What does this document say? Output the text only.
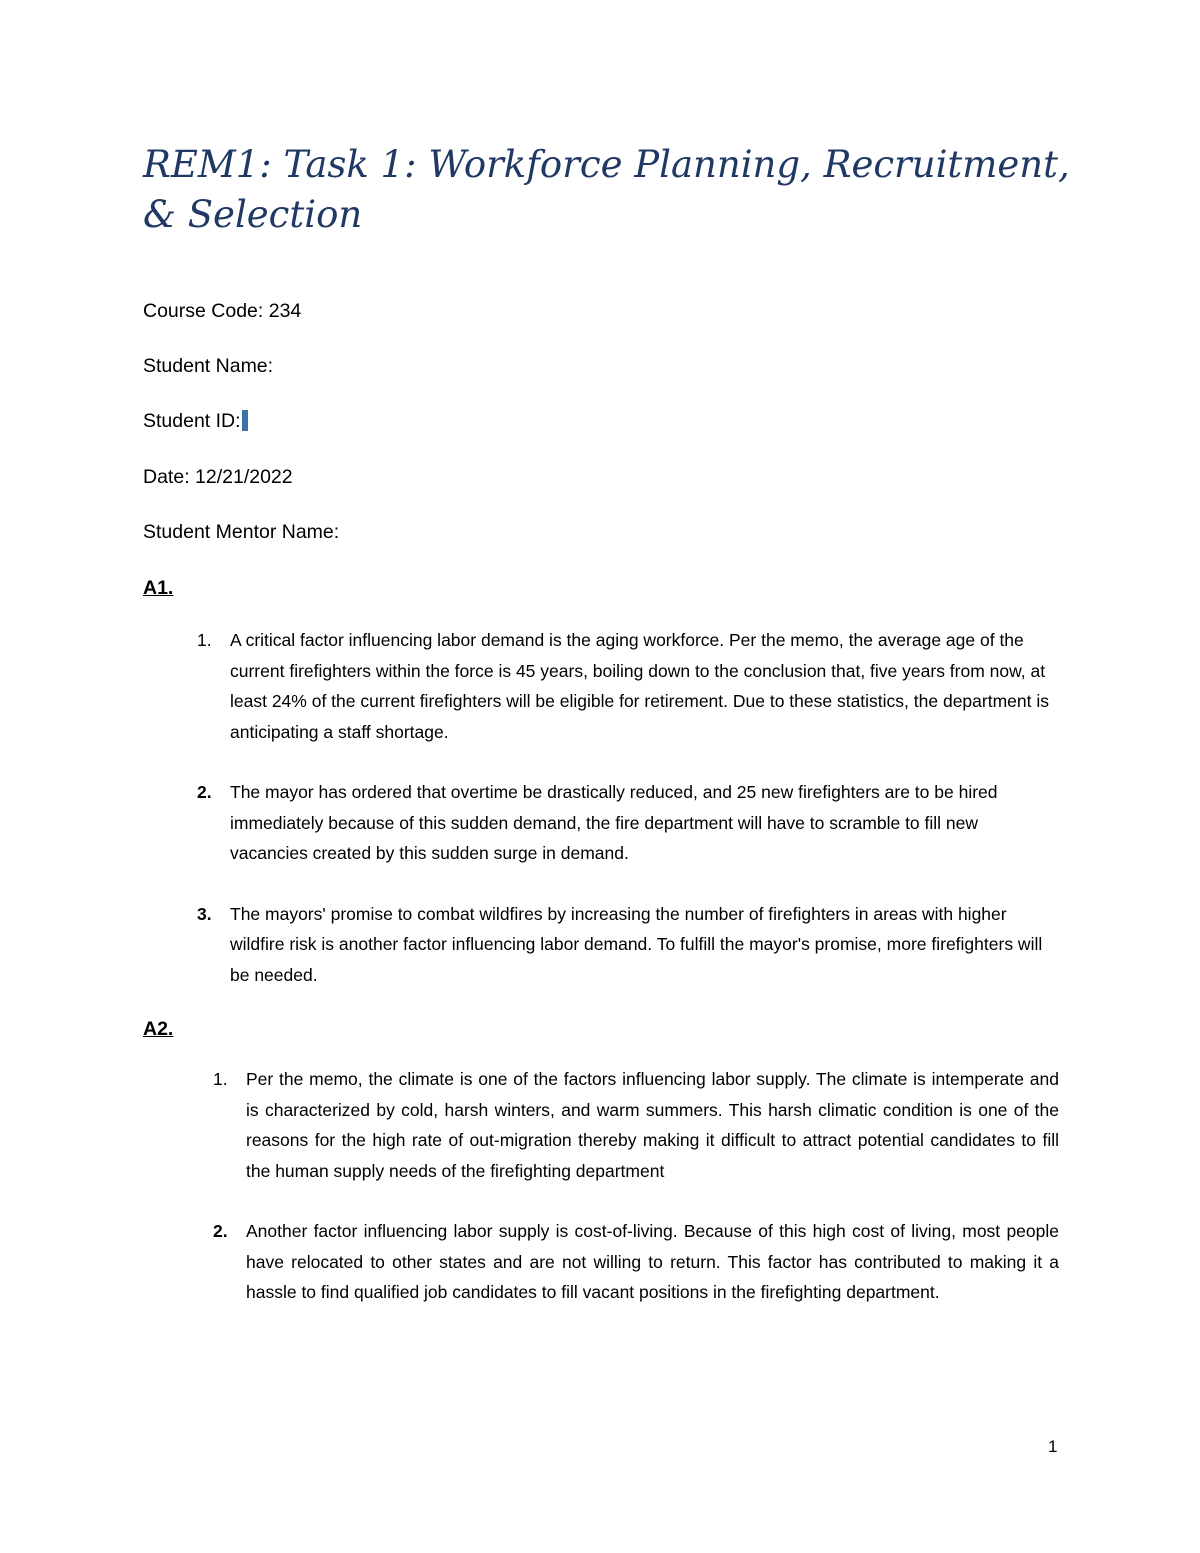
REM1: Task 1: Workforce Planning, Recruitment, & Selection

Course Code: 234

Student Name:

Student ID:

Date: 12/21/2022

Student Mentor Name:

A1.

1. A critical factor influencing labor demand is the aging workforce. Per the memo, the average age of the current firefighters within the force is 45 years, boiling down to the conclusion that, five years from now, at least 24% of the current firefighters will be eligible for retirement. Due to these statistics, the department is anticipating a staff shortage.
2. The mayor has ordered that overtime be drastically reduced, and 25 new firefighters are to be hired immediately because of this sudden demand, the fire department will have to scramble to fill new vacancies created by this sudden surge in demand.
3. The mayors' promise to combat wildfires by increasing the number of firefighters in areas with higher wildfire risk is another factor influencing labor demand. To fulfill the mayor's promise, more firefighters will be needed.

A2.

1. Per the memo, the climate is one of the factors influencing labor supply. The climate is intemperate and is characterized by cold, harsh winters, and warm summers. This harsh climatic condition is one of the reasons for the high rate of out-migration thereby making it difficult to attract potential candidates to fill the human supply needs of the firefighting department

2. Another factor influencing labor supply is cost-of-living. Because of this high cost of living, most people have relocated to other states and are not willing to return. This factor has contributed to making it a hassle to find qualified job candidates to fill vacant positions in the firefighting department.

1
